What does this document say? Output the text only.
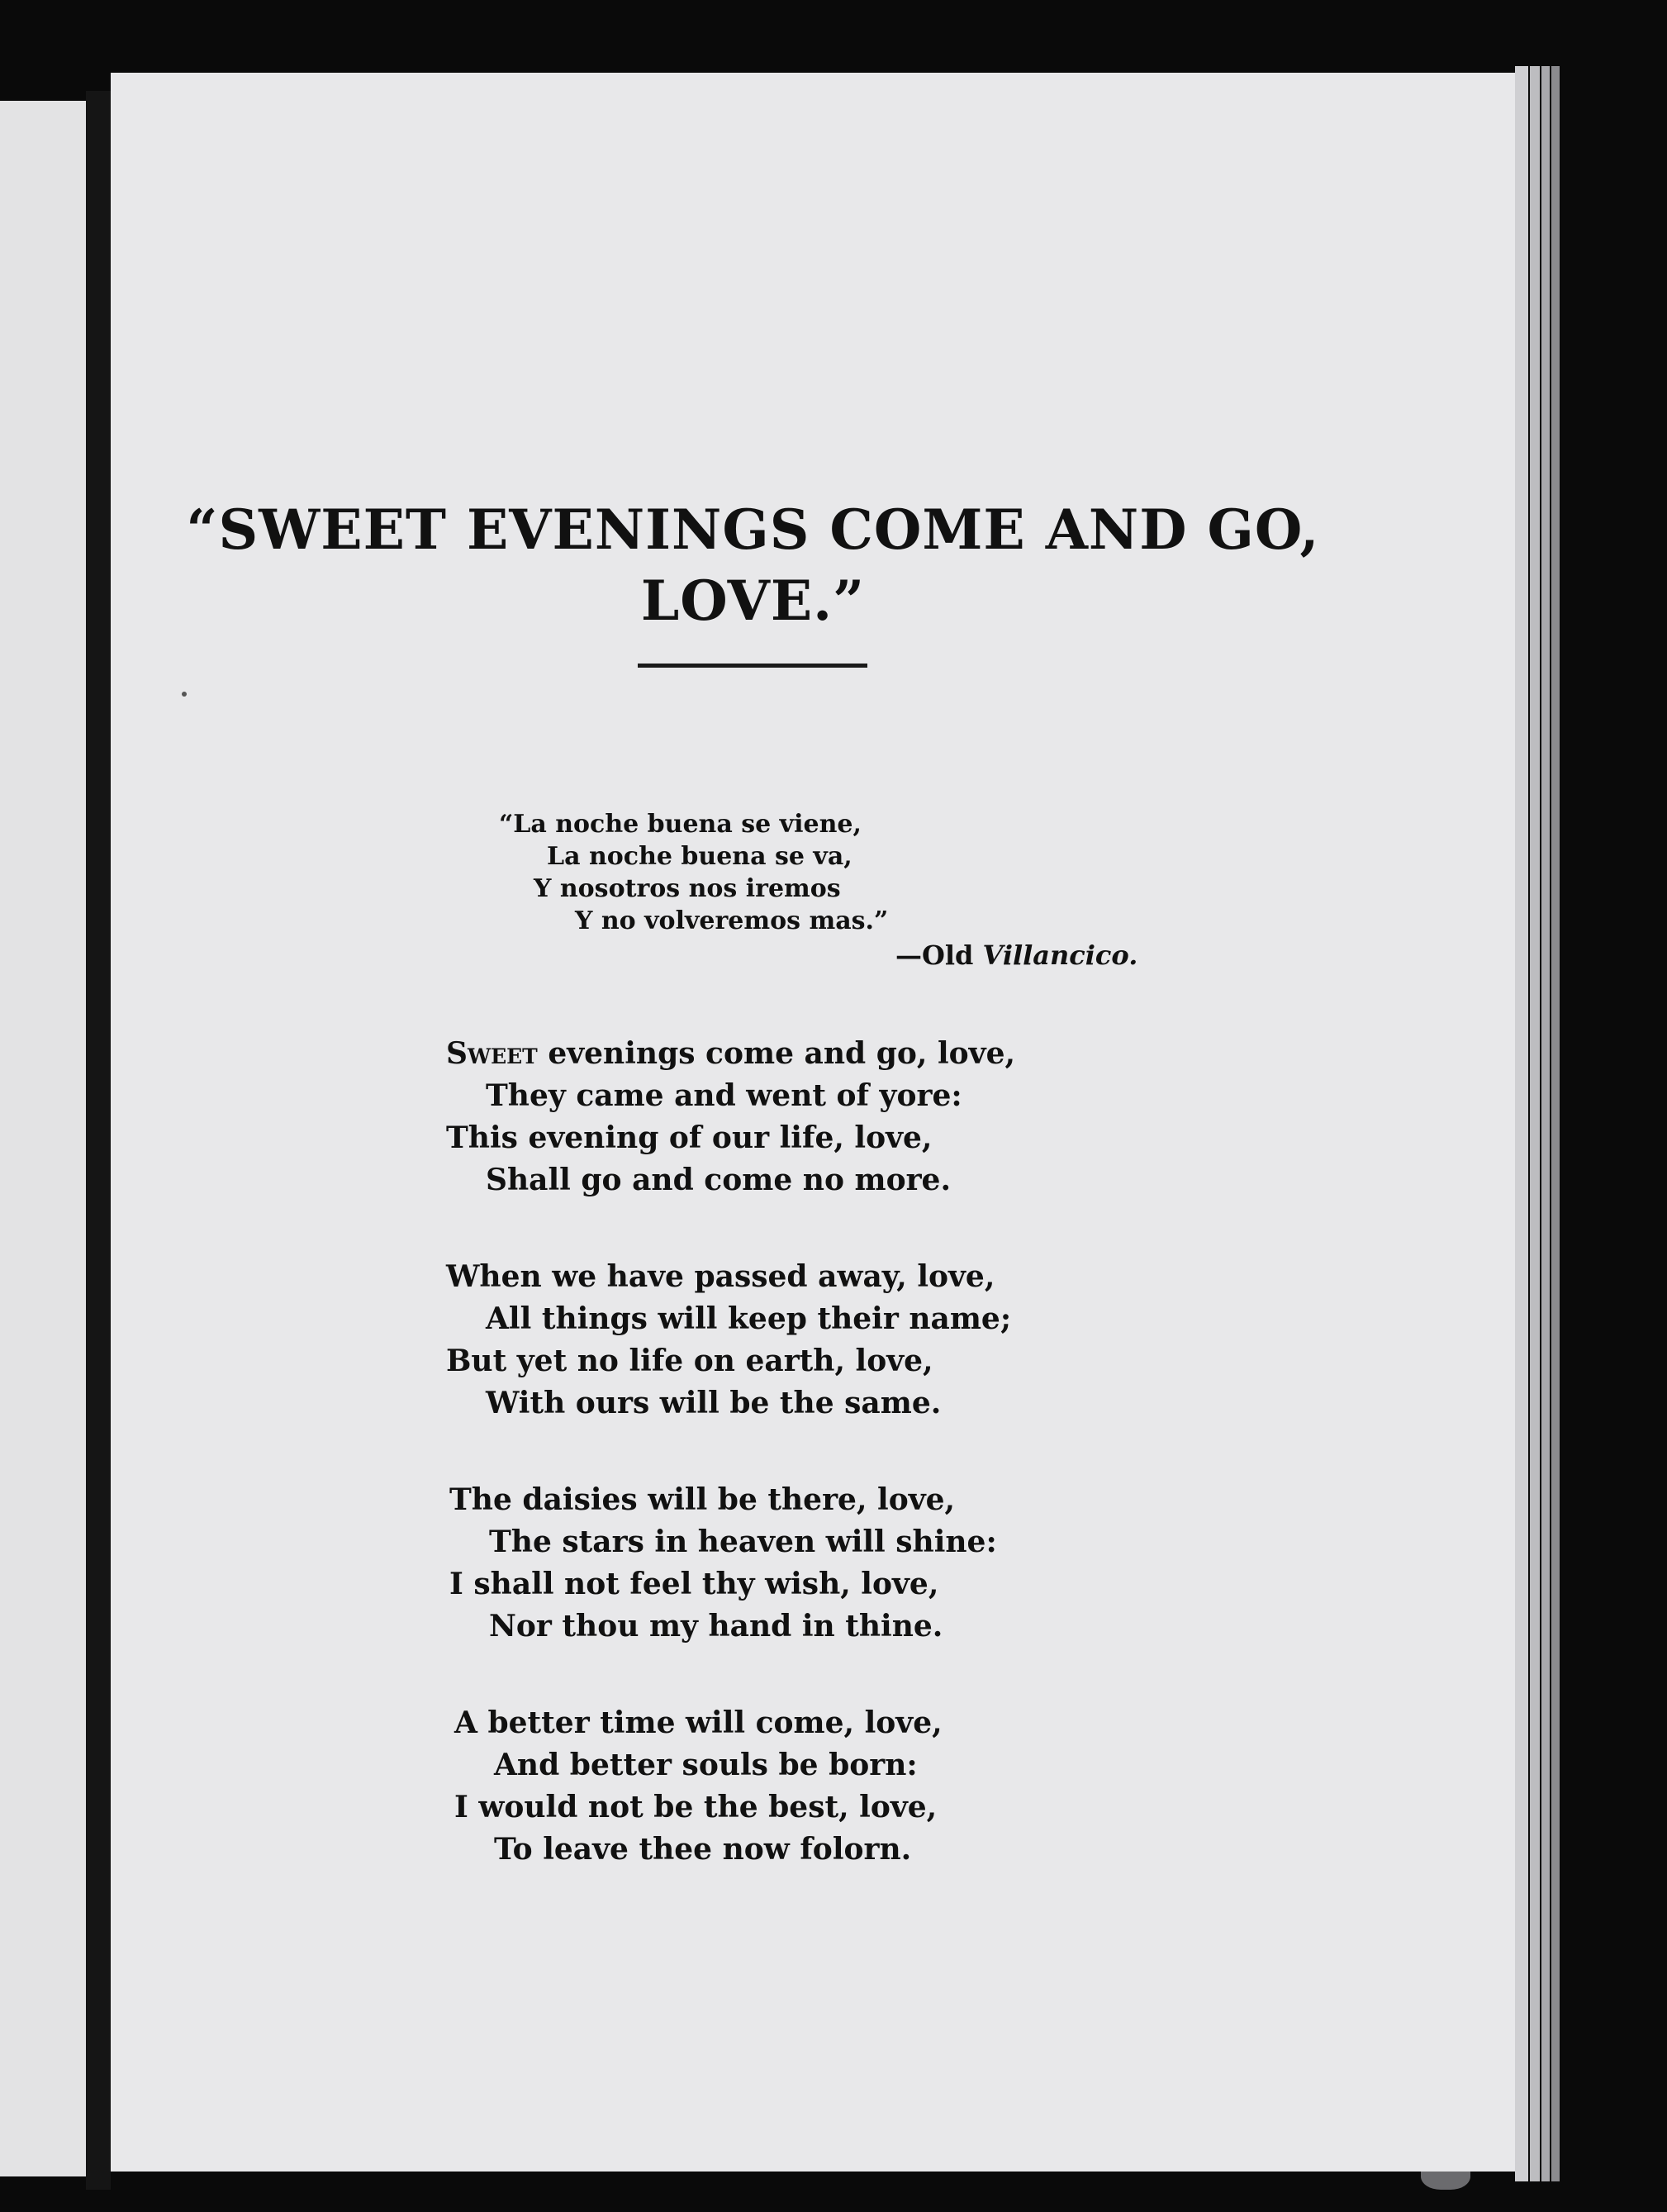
“SWEET EVENINGS COME AND GO,
LOVE.”
“La noche buena se viene,
La noche buena se va,
Y nosotros nos iremos
Y no volveremos mas.”
—Old Villancico.
Sweet evenings come and go, love,
They came and went of yore:
This evening of our life, love,
Shall go and come no more.
When we have passed away, love,
All things will keep their name;
But yet no life on earth, love,
With ours will be the same.
The daisies will be there, love,
The stars in heaven will shine:
I shall not feel thy wish, love,
Nor thou my hand in thine.
A better time will come, love,
And better souls be born:
I would not be the best, love,
To leave thee now folorn.
